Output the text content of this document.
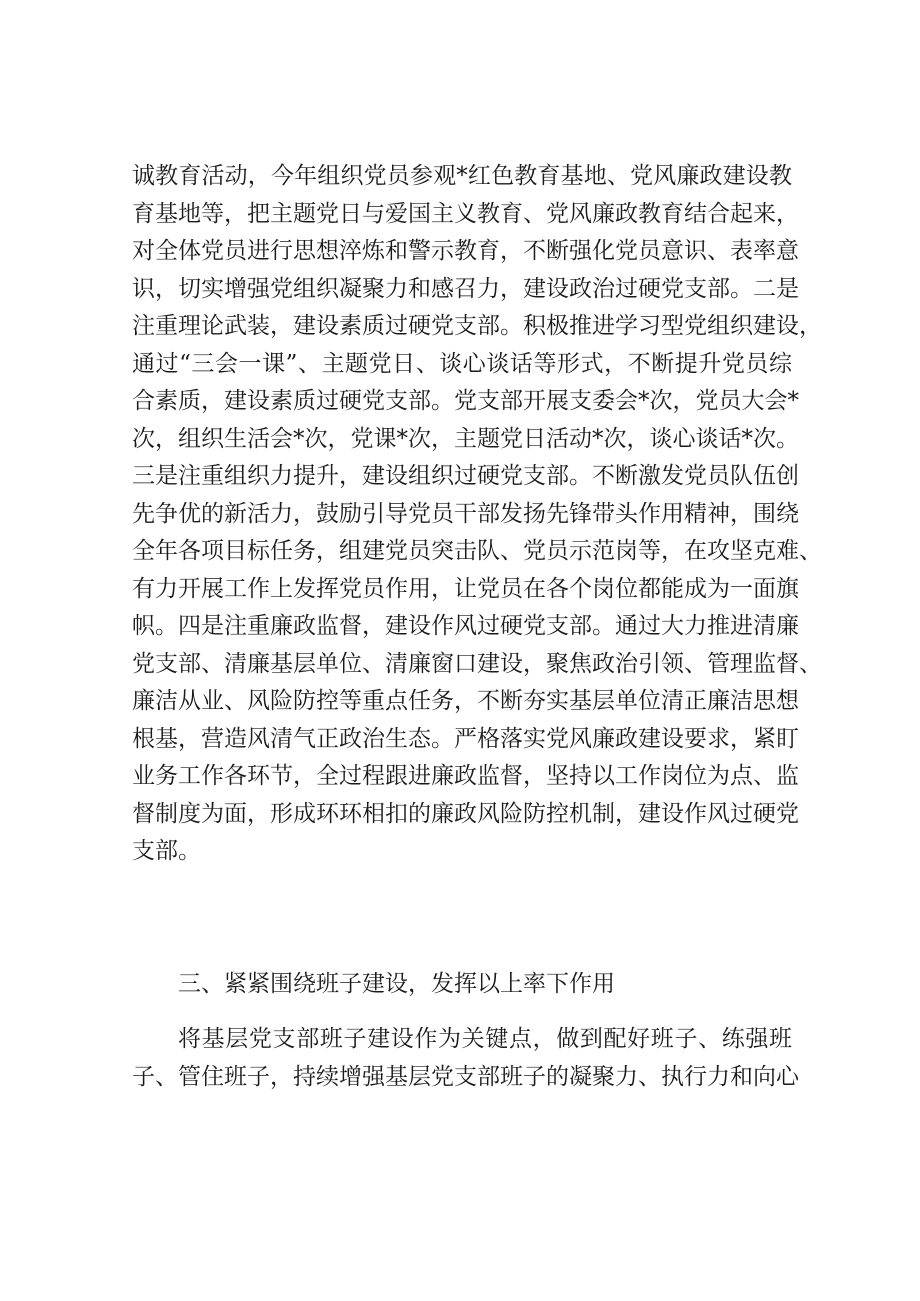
诚教育活动，今年组织党员参观*红色教育基地、党风廉政建设教
育基地等，把主题党日与爱国主义教育、党风廉政教育结合起来，
对全体党员进行思想淬炼和警示教育，不断强化党员意识、表率意
识，切实增强党组织凝聚力和感召力，建设政治过硬党支部。二是
注重理论武装，建设素质过硬党支部。积极推进学习型党组织建设，
通过“三会一课”、主题党日、谈心谈话等形式，不断提升党员综
合素质，建设素质过硬党支部。党支部开展支委会*次，党员大会*
次，组织生活会*次，党课*次，主题党日活动*次，谈心谈话*次。
三是注重组织力提升，建设组织过硬党支部。不断激发党员队伍创
先争优的新活力，鼓励引导党员干部发扬先锋带头作用精神，围绕
全年各项目标任务，组建党员突击队、党员示范岗等，在攻坚克难、
有力开展工作上发挥党员作用，让党员在各个岗位都能成为一面旗
帜。四是注重廉政监督，建设作风过硬党支部。通过大力推进清廉
党支部、清廉基层单位、清廉窗口建设，聚焦政治引领、管理监督、
廉洁从业、风险防控等重点任务，不断夯实基层单位清正廉洁思想
根基，营造风清气正政治生态。严格落实党风廉政建设要求，紧盯
业务工作各环节，全过程跟进廉政监督，坚持以工作岗位为点、监
督制度为面，形成环环相扣的廉政风险防控机制，建设作风过硬党
支部。
三、紧紧围绕班子建设，发挥以上率下作用
将基层党支部班子建设作为关键点，做到配好班子、练强班
子、管住班子，持续增强基层党支部班子的凝聚力、执行力和向心
